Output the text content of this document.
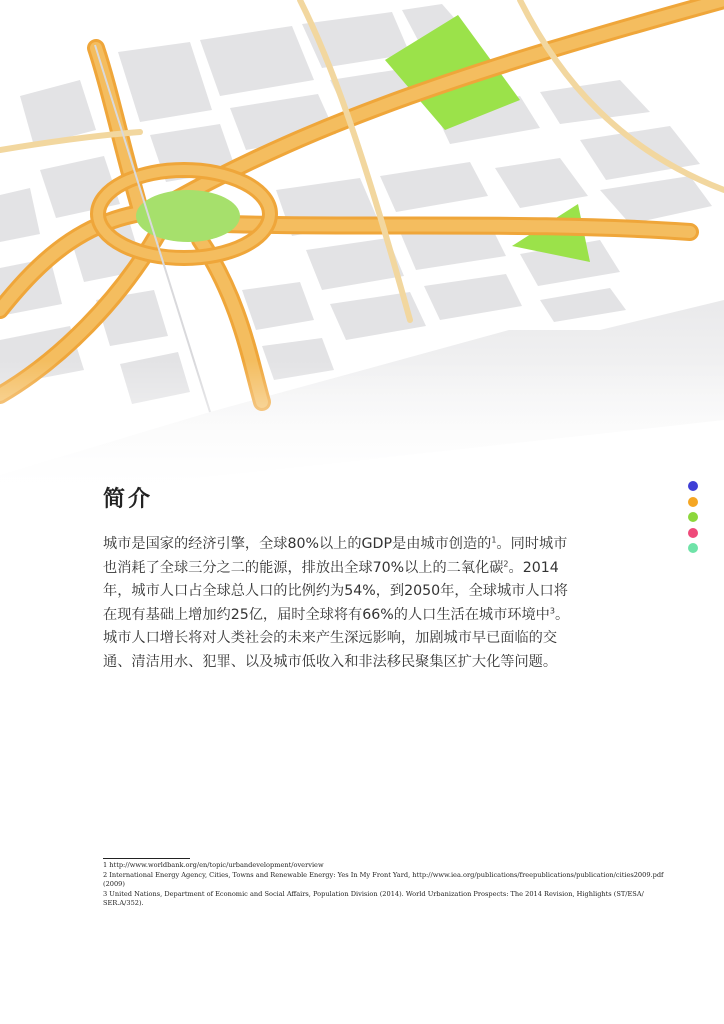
简介

城市是国家的经济引擎，全球80%以上的GDP是由城市创造的$^1$。同时城市
也消耗了全球三分之二的能源，排放出全球70%以上的二氧化碳$^2$。2014
年，城市人口占全球总人口的比例约为54%，到2050年，全球城市人口将
在现有基础上增加约25亿，届时全球将有66%的人口生活在城市环境中$^3$。
城市人口增长将对人类社会的未来产生深远影响，加剧城市早已面临的交
通、清洁用水、犯罪、以及城市低收入和非法移民聚集区扩大化等问题。

1 http://www.worldbank.org/en/topic/urbandevelopment/overview
2 International Energy Agency, Cities, Towns and Renewable Energy: Yes In My Front Yard, http://www.iea.org/publications/freepublications/publication/cities2009.pdf
(2009)
3 United Nations, Department of Economic and Social Affairs, Population Division (2014). World Urbanization Prospects: The 2014 Revision, Highlights (ST/ESA/
SER.A/352).
